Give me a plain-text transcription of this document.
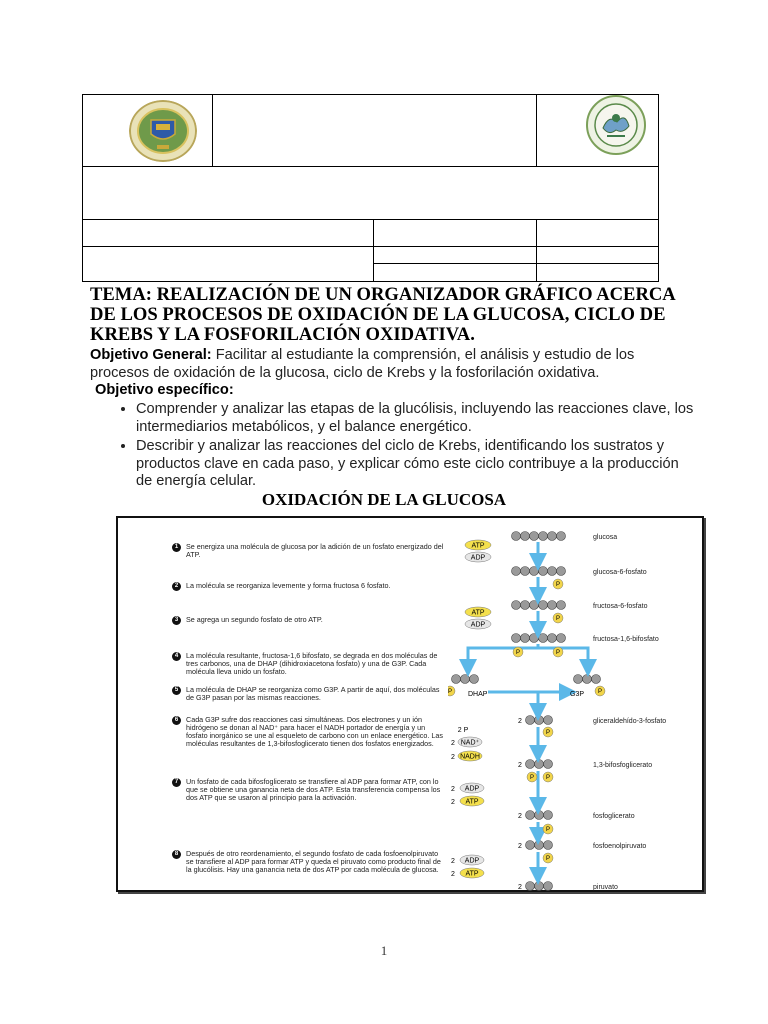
TEMA: REALIZACIÓN DE UN ORGANIZADOR GRÁFICO ACERCA DE LOS PROCESOS DE OXIDACIÓN DE LA GLUCOSA, CICLO DE KREBS Y LA FOSFORILACIÓN OXIDATIVA.
Objetivo General: Facilitar al estudiante la comprensión, el análisis y estudio de los procesos de oxidación de la glucosa, ciclo de Krebs y la fosforilación oxidativa.
Objetivo específico:
• Comprender y analizar las etapas de la glucólisis, incluyendo las reacciones clave, los intermediarios metabólicos, y el balance energético.
• Describir y analizar las reacciones del ciclo de Krebs, identificando los sustratos y productos clave en cada paso, y explicar cómo este ciclo contribuye a la producción de energía celular.
OXIDACIÓN DE LA GLUCOSA
1	Se energiza una molécula de glucosa por la adición de un fosfato energizado del ATP.
2	La molécula se reorganiza levemente y forma fructosa 6 fosfato.
3	Se agrega un segundo fosfato de otro ATP.
4	La molécula resultante, fructosa-1,6 bifosfato, se degrada en dos moléculas de tres carbonos, una de DHAP (dihidroxiacetona fosfato) y una de G3P. Cada molécula lleva unido un fosfato.
5	La molécula de DHAP se reorganiza como G3P. A partir de aquí, dos moléculas de G3P pasan por las mismas reacciones.
6	Cada G3P sufre dos reacciones casi simultáneas. Dos electrones y un ión hidrógeno se donan al NAD⁺ para hacer el NADH portador de energía y un fosfato inorgánico se une al esqueleto de carbono con un enlace energético. Las moléculas resultantes de 1,3-bifosfoglicerato tienen dos fosfatos energizados.
7	Un fosfato de cada bifosfoglicerato se transfiere al ADP para formar ATP, con lo que se obtiene una ganancia neta de dos ATP. Esta transferencia compensa los dos ATP que se usaron al principio para la activación.
8	Después de otro reordenamiento, el segundo fosfato de cada fosfoenolpiruvato se transfiere al ADP para formar ATP y queda el piruvato como producto final de la glucólisis. Hay una ganancia neta de dos ATP por cada molécula de glucosa.
ATP
ADP
ATP
ADP
2 P
2 NAD⁺
2 NADH
2 ADP
2 ATP
2 ADP
2 ATP
2
2
2
2
2
P
P
P	P
P	P
P
P P
P
P
DHAP	G3P
glucosa
glucosa-6-fosfato
fructosa-6-fosfato
fructosa-1,6-bifosfato
gliceraldehído-3-fosfato
1,3-bifosfoglicerato
fosfoglicerato
fosfoenolpiruvato
piruvato
1
